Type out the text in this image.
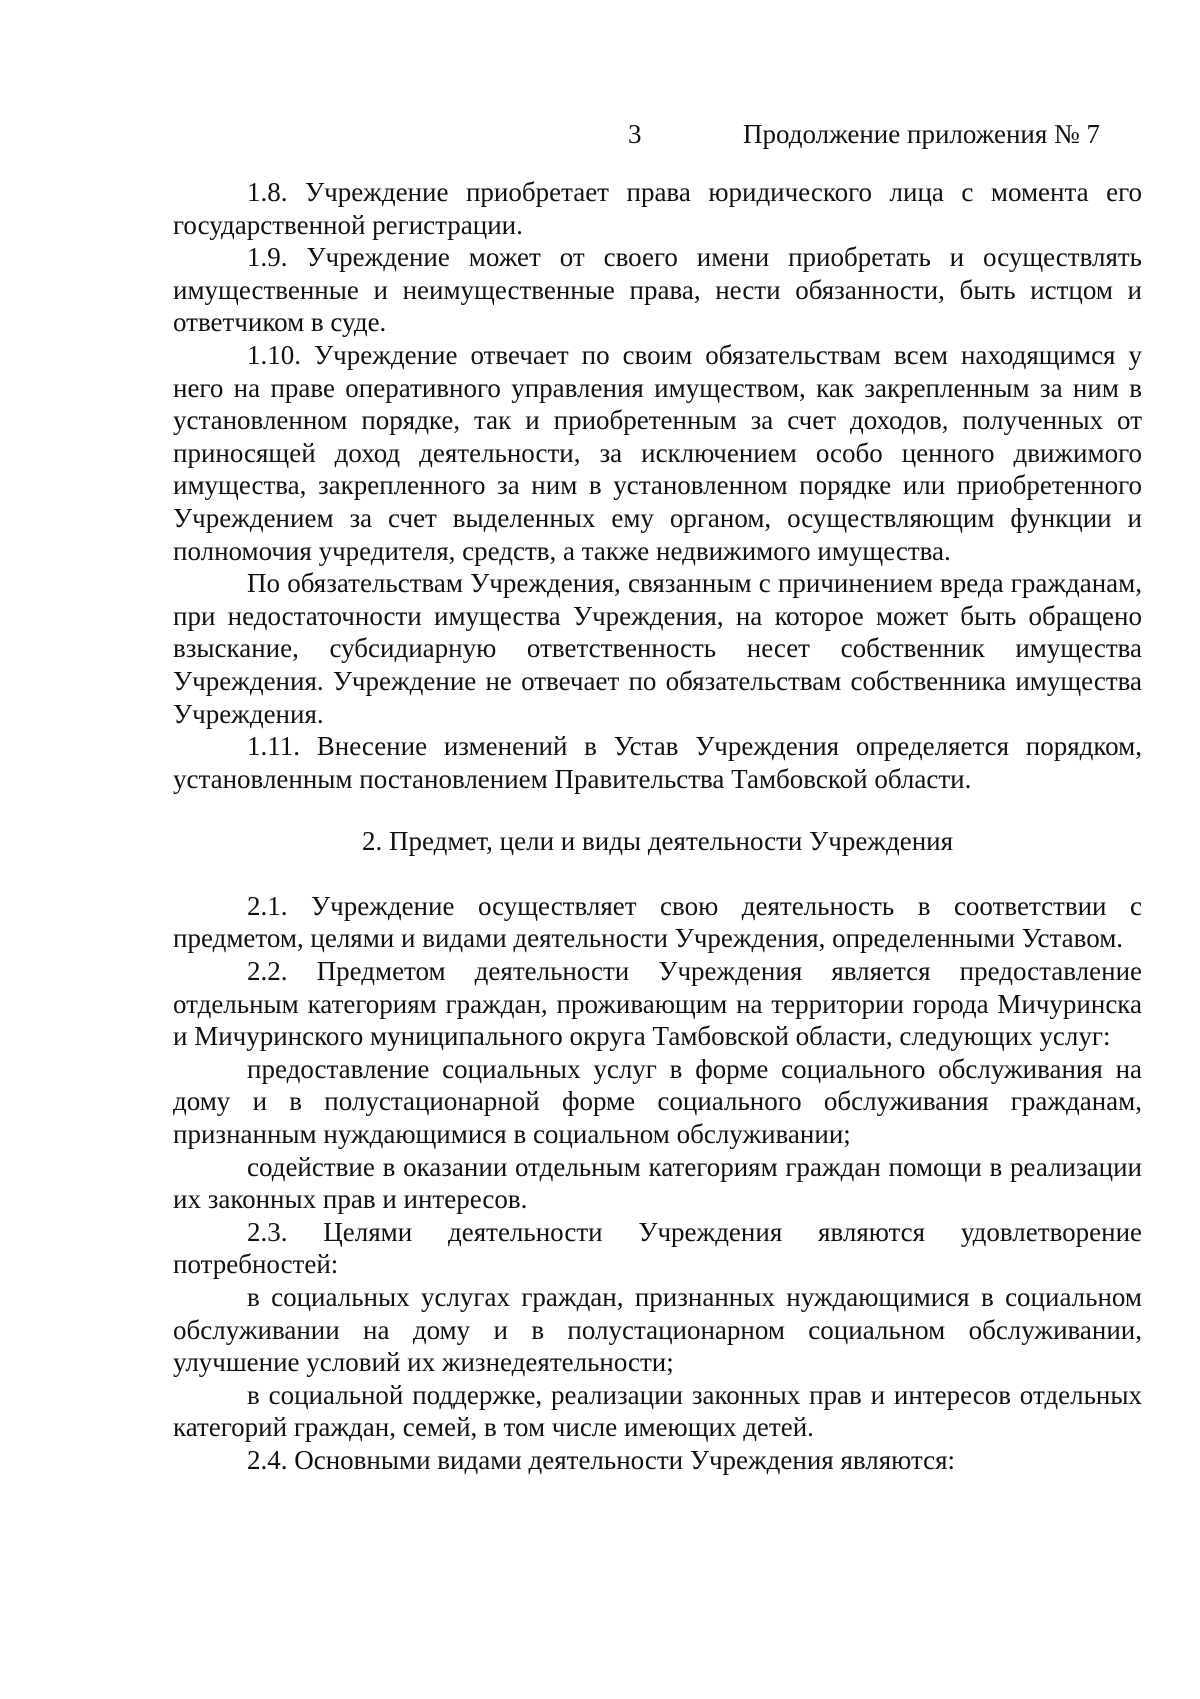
3	Продолжение приложения № 7

1.8. Учреждение приобретает права юридического лица с момента его государственной регистрации.

1.9. Учреждение может от своего имени приобретать и осуществлять имущественные и неимущественные права, нести обязанности, быть истцом и ответчиком в суде.

1.10. Учреждение отвечает по своим обязательствам всем находящимся у него на праве оперативного управления имуществом, как закрепленным за ним в установленном порядке, так и приобретенным за счет доходов, полученных от приносящей доход деятельности, за исключением особо ценного движимого имущества, закрепленного за ним в установленном порядке или приобретенного Учреждением за счет выделенных ему органом, осуществляющим функции и полномочия учредителя, средств, а также недвижимого имущества.

По обязательствам Учреждения, связанным с причинением вреда гражданам, при недостаточности имущества Учреждения, на которое может быть обращено взыскание, субсидиарную ответственность несет собственник имущества Учреждения. Учреждение не отвечает по обязательствам собственника имущества Учреждения.

1.11. Внесение изменений в Устав Учреждения определяется порядком, установленным постановлением Правительства Тамбовской области.

2. Предмет, цели и виды деятельности Учреждения

2.1. Учреждение осуществляет свою деятельность в соответствии с предметом, целями и видами деятельности Учреждения, определенными Уставом.

2.2. Предметом деятельности Учреждения является предоставление отдельным категориям граждан, проживающим на территории города Мичуринска и Мичуринского муниципального округа Тамбовской области, следующих услуг:

предоставление социальных услуг в форме социального обслуживания на дому и в полустационарной форме социального обслуживания гражданам, признанным нуждающимися в социальном обслуживании;

содействие в оказании отдельным категориям граждан помощи в реализации их законных прав и интересов.

2.3. Целями деятельности Учреждения являются удовлетворение потребностей:

в социальных услугах граждан, признанных нуждающимися в социальном обслуживании на дому и в полустационарном социальном обслуживании, улучшение условий их жизнедеятельности;

в социальной поддержке, реализации законных прав и интересов отдельных категорий граждан, семей, в том числе имеющих детей.

2.4. Основными видами деятельности Учреждения являются:
